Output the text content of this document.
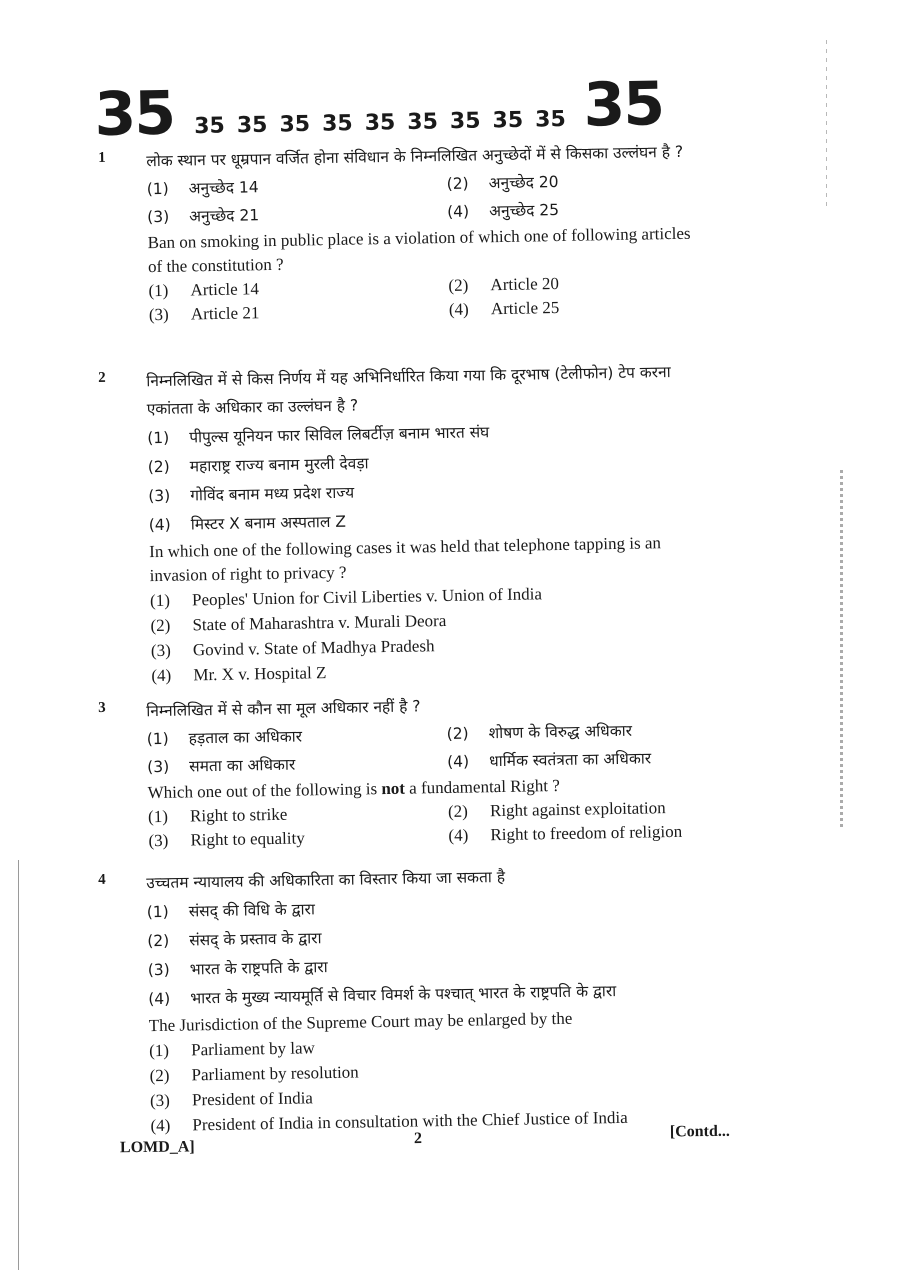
35 35 35 35 35 35 35 35 35 35 35
1	लोक स्थान पर धूम्रपान वर्जित होना संविधान के निम्नलिखित अनुच्छेदों में से किसका उल्लंघन है ?
(1)	अनुच्छेद 14	(2)	अनुच्छेद 20
(3)	अनुच्छेद 21	(4)	अनुच्छेद 25
Ban on smoking in public place is a violation of which one of following articles of the constitution ?
(1)	Article 14	(2)	Article 20
(3)	Article 21	(4)	Article 25
2	निम्नलिखित में से किस निर्णय में यह अभिनिर्धारित किया गया कि दूरभाष (टेलीफोन) टेप करना एकांतता के अधिकार का उल्लंघन है ?
(1)	पीपुल्स यूनियन फार सिविल लिबर्टीज़ बनाम भारत संघ
(2)	महाराष्ट्र राज्य बनाम मुरली देवड़ा
(3)	गोविंद बनाम मध्य प्रदेश राज्य
(4)	मिस्टर X बनाम अस्पताल Z
In which one of the following cases it was held that telephone tapping is an invasion of right to privacy ?
(1)	Peoples' Union for Civil Liberties v. Union of India
(2)	State of Maharashtra v. Murali Deora
(3)	Govind v. State of Madhya Pradesh
(4)	Mr. X v. Hospital Z
3	निम्नलिखित में से कौन सा मूल अधिकार नहीं है ?
(1)	हड़ताल का अधिकार	(2)	शोषण के विरुद्ध अधिकार
(3)	समता का अधिकार	(4)	धार्मिक स्वतंत्रता का अधिकार
Which one out of the following is not a fundamental Right ?
(1)	Right to strike	(2)	Right against exploitation
(3)	Right to equality	(4)	Right to freedom of religion
4	उच्चतम न्यायालय की अधिकारिता का विस्तार किया जा सकता है
(1)	संसद् की विधि के द्वारा
(2)	संसद् के प्रस्ताव के द्वारा
(3)	भारत के राष्ट्रपति के द्वारा
(4)	भारत के मुख्य न्यायमूर्ति से विचार विमर्श के पश्चात् भारत के राष्ट्रपति के द्वारा
The Jurisdiction of the Supreme Court may be enlarged by the
(1)	Parliament by law
(2)	Parliament by resolution
(3)	President of India
(4)	President of India in consultation with the Chief Justice of India
LOMD_A]	2	[Contd...
